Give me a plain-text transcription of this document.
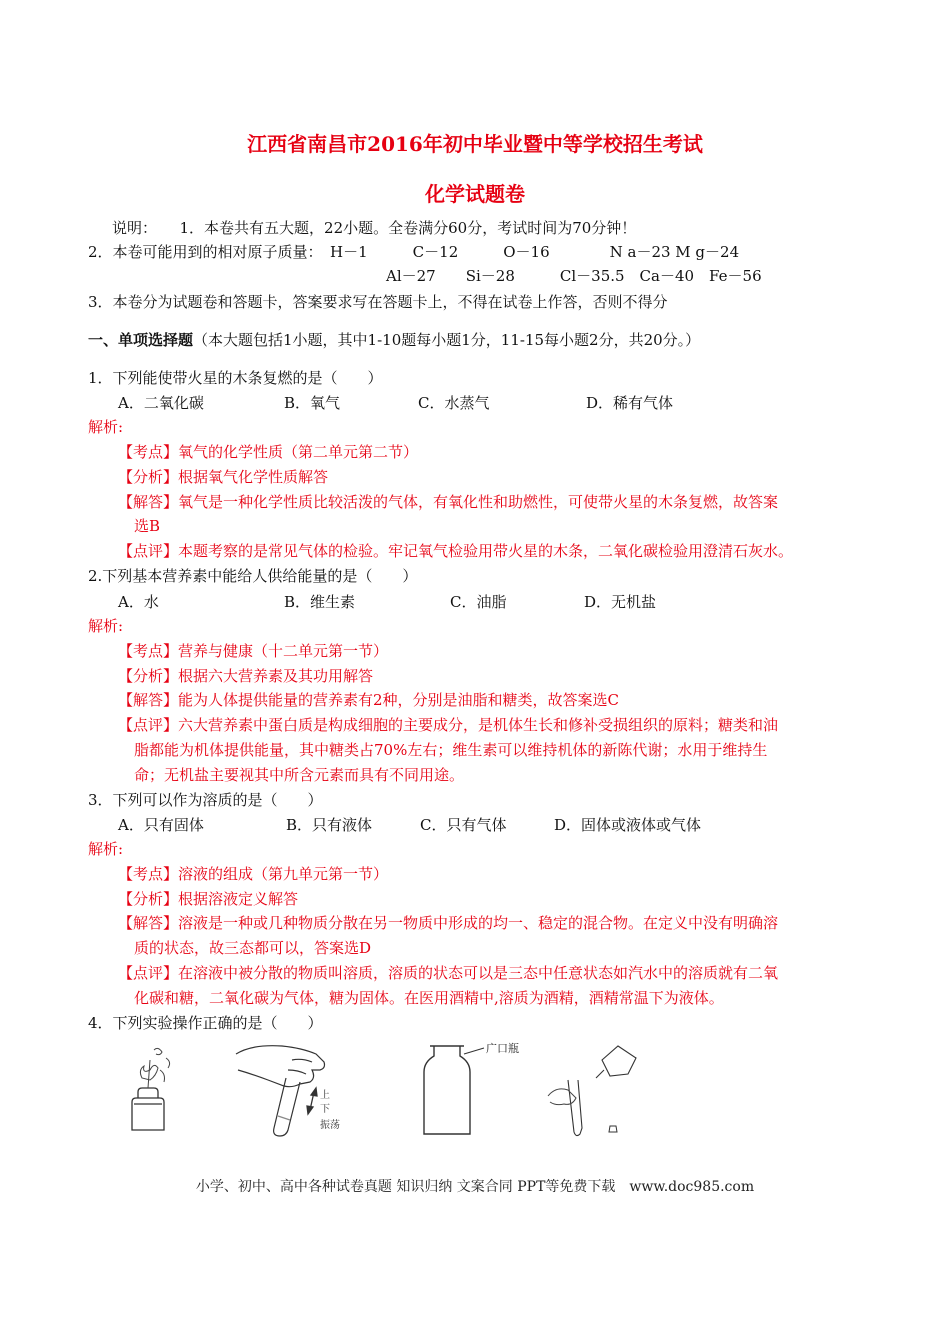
江西省南昌市2016年初中毕业暨中等学校招生考试
化学试题卷
说明：　　1．本卷共有五大题，22小题。全卷满分60分，考试时间为70分钟！
2．本卷可能用到的相对原子质量：　H－1　　　C－12　　　O－16　　　　N a－23 M g－24
Al－27　　Si－28　　　Cl－35.5　Ca－40　Fe－56
3．本卷分为试题卷和答题卡，答案要求写在答题卡上，不得在试卷上作答，否则不得分
一、单项选择题（本大题包括1小题，其中1-10题每小题1分，11-15每小题2分，共20分。）
1．下列能使带火星的木条复燃的是（　　）
A．二氧化碳	B．氧气	C．水蒸气	D．稀有气体
解析:
【考点】氧气的化学性质（第二单元第二节）
【分析】根据氧气化学性质解答
【解答】氧气是一种化学性质比较活泼的气体，有氧化性和助燃性，可使带火星的木条复燃，故答案
选B
【点评】本题考察的是常见气体的检验。牢记氧气检验用带火星的木条，二氧化碳检验用澄清石灰水。
2.下列基本营养素中能给人供给能量的是（　　）
A．水	B．维生素	C．油脂	D．无机盐
解析:
【考点】营养与健康（十二单元第一节）
【分析】根据六大营养素及其功用解答
【解答】能为人体提供能量的营养素有2种，分别是油脂和糖类，故答案选C
【点评】六大营养素中蛋白质是构成细胞的主要成分，是机体生长和修补受损组织的原料；糖类和油
脂都能为机体提供能量，其中糖类占70%左右；维生素可以维持机体的新陈代谢；水用于维持生
命；无机盐主要视其中所含元素而具有不同用途。
3．下列可以作为溶质的是（　　）
A．只有固体	B．只有液体	C．只有气体	D．固体或液体或气体
解析:
【考点】溶液的组成（第九单元第一节）
【分析】根据溶液定义解答
【解答】溶液是一种或几种物质分散在另一物质中形成的均一、稳定的混合物。在定义中没有明确溶
质的状态，故三态都可以，答案选D
【点评】在溶液中被分散的物质叫溶质，溶质的状态可以是三态中任意状态如汽水中的溶质就有二氧
化碳和糖，二氧化碳为气体，糖为固体。在医用酒精中,溶质为酒精，酒精常温下为液体。
4．下列实验操作正确的是（　　）
上
下
振荡
广口瓶
小学、初中、高中各种试卷真题 知识归纳 文案合同 PPT等免费下载　www.doc985.com
